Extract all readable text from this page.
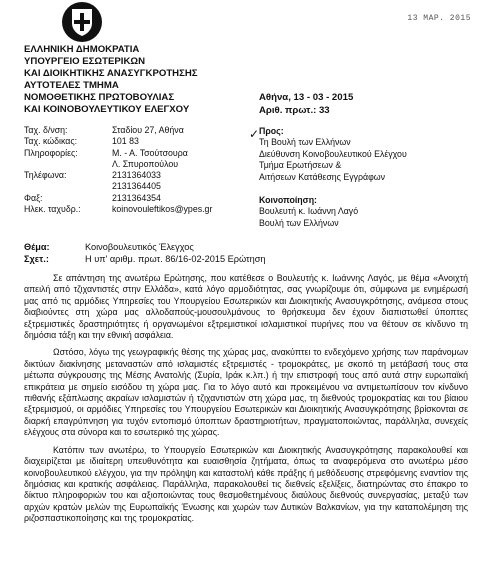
13 ΜΑΡ. 2015
ΕΛΛΗΝΙΚΗ ΔΗΜΟΚΡΑΤΙΑ
ΥΠΟΥΡΓΕΙΟ ΕΣΩΤΕΡΙΚΩΝ
ΚΑΙ ΔΙΟΙΚΗΤΙΚΗΣ ΑΝΑΣΥΓΚΡΟΤΗΣΗΣ
ΑΥΤΟΤΕΛΕΣ ΤΜΗΜΑ
ΝΟΜΟΘΕΤΙΚΗΣ ΠΡΩΤΟΒΟΥΛΙΑΣ
ΚΑΙ ΚΟΙΝΟΒΟΥΛΕΥΤΙΚΟΥ ΕΛΕΓΧΟΥ
Αθήνα, 13 - 03 - 2015
Αριθ. πρωτ.: 33
Ταχ. δ/νση:	Σταδίου 27, Αθήνα
Ταχ. κώδικας:	101 83
Πληροφορίες:	Μ. - Α. Τσούτσουρα
Λ. Σπυροπούλου
Τηλέφωνα:	2131364033
2131364405
Φαξ:	2131364354
Ηλεκ. ταχυδρ.:	koinovouleftikos@ypes.gr
✓ Προς:
Τη Βουλή των Ελλήνων
Διεύθυνση Κοινοβουλευτικού Ελέγχου
Τμήμα Ερωτήσεων &
Αιτήσεων Κατάθεσης Εγγράφων
Κοινοποίηση:
Βουλευτή κ. Ιωάννη Λαγό
Βουλή των Ελλήνων
Θέμα:	Κοινοβουλευτικός Έλεγχος
Σχετ.:	Η υπ' αριθμ. πρωτ. 86/16-02-2015 Ερώτηση

Σε απάντηση της ανωτέρω Ερώτησης, που κατέθεσε ο Βουλευτής κ. Ιωάννης Λαγός, με θέμα «Ανοιχτή απειλή από τζιχαντιστές στην Ελλάδα», κατά λόγο αρμοδιότητας, σας γνωρίζουμε ότι, σύμφωνα με ενημέρωσή μας από τις αρμόδιες Υπηρεσίες του Υπουργείου Εσωτερικών και Διοικητικής Ανασυγκρότησης, ανάμεσα στους διαβιούντες στη χώρα μας αλλοδαπούς-μουσουλμάνους το θρήσκευμα δεν έχουν διαπιστωθεί ύποπτες εξτρεμιστικές δραστηριότητες ή οργανωμένοι εξτρεμιστικοί ισλαμιστικοί πυρήνες που να θέτουν σε κίνδυνο τη δημόσια τάξη και την εθνική ασφάλεια.

Ωστόσο, λόγω της γεωγραφικής θέσης της χώρας μας, ανακύπτει το ενδεχόμενο χρήσης των παράνομων δικτύων διακίνησης μεταναστών από ισλαμιστές εξτρεμιστές - τρομοκράτες, με σκοπό τη μετάβασή τους στα μέτωπα σύγκρουσης της Μέσης Ανατολής (Συρία, Ιράκ κ.λπ.) ή την επιστροφή τους από αυτά στην ευρωπαϊκή επικράτεια με σημείο εισόδου τη χώρα μας. Για το λόγο αυτό και προκειμένου να αντιμετωπίσουν τον κίνδυνο πιθανής εξάπλωσης ακραίων ισλαμιστών ή τζιχαντιστών στη χώρα μας, τη διεθνούς τρομοκρατίας και του βίαιου εξτρεμισμού, οι αρμόδιες Υπηρεσίες του Υπουργείου Εσωτερικών και Διοικητικής Ανασυγκρότησης βρίσκονται σε διαρκή επαγρύπνηση για τυχόν εντοπισμό ύποπτων δραστηριοτήτων, πραγματοποιώντας, παράλληλα, συνεχείς ελέγχους στα σύνορα και το εσωτερικό της χώρας.

Κατόπιν των ανωτέρω, το Υπουργείο Εσωτερικών και Διοικητικής Ανασυγκρότησης παρακολουθεί και διαχειρίζεται με ιδιαίτερη υπευθυνότητα και ευαισθησία ζητήματα, όπως τα αναφερόμενα στο ανωτέρω μέσο κοινοβουλευτικού ελέγχου, για την πρόληψη και καταστολή κάθε πράξης ή μεθόδευσης στρεφόμενης εναντίον της δημόσιας και κρατικής ασφάλειας. Παράλληλα, παρακολουθεί τις διεθνείς εξελίξεις, διατηρώντας στο έπακρο το δίκτυο πληροφοριών του και αξιοποιώντας τους θεσμοθετημένους διαύλους διεθνούς συνεργασίας, μεταξύ των αρχών κρατών μελών της Ευρωπαϊκής Ένωσης και χωρών των Δυτικών Βαλκανίων, για την καταπολέμηση της ριζοσπαστικοποίησης και της τρομοκρατίας.
